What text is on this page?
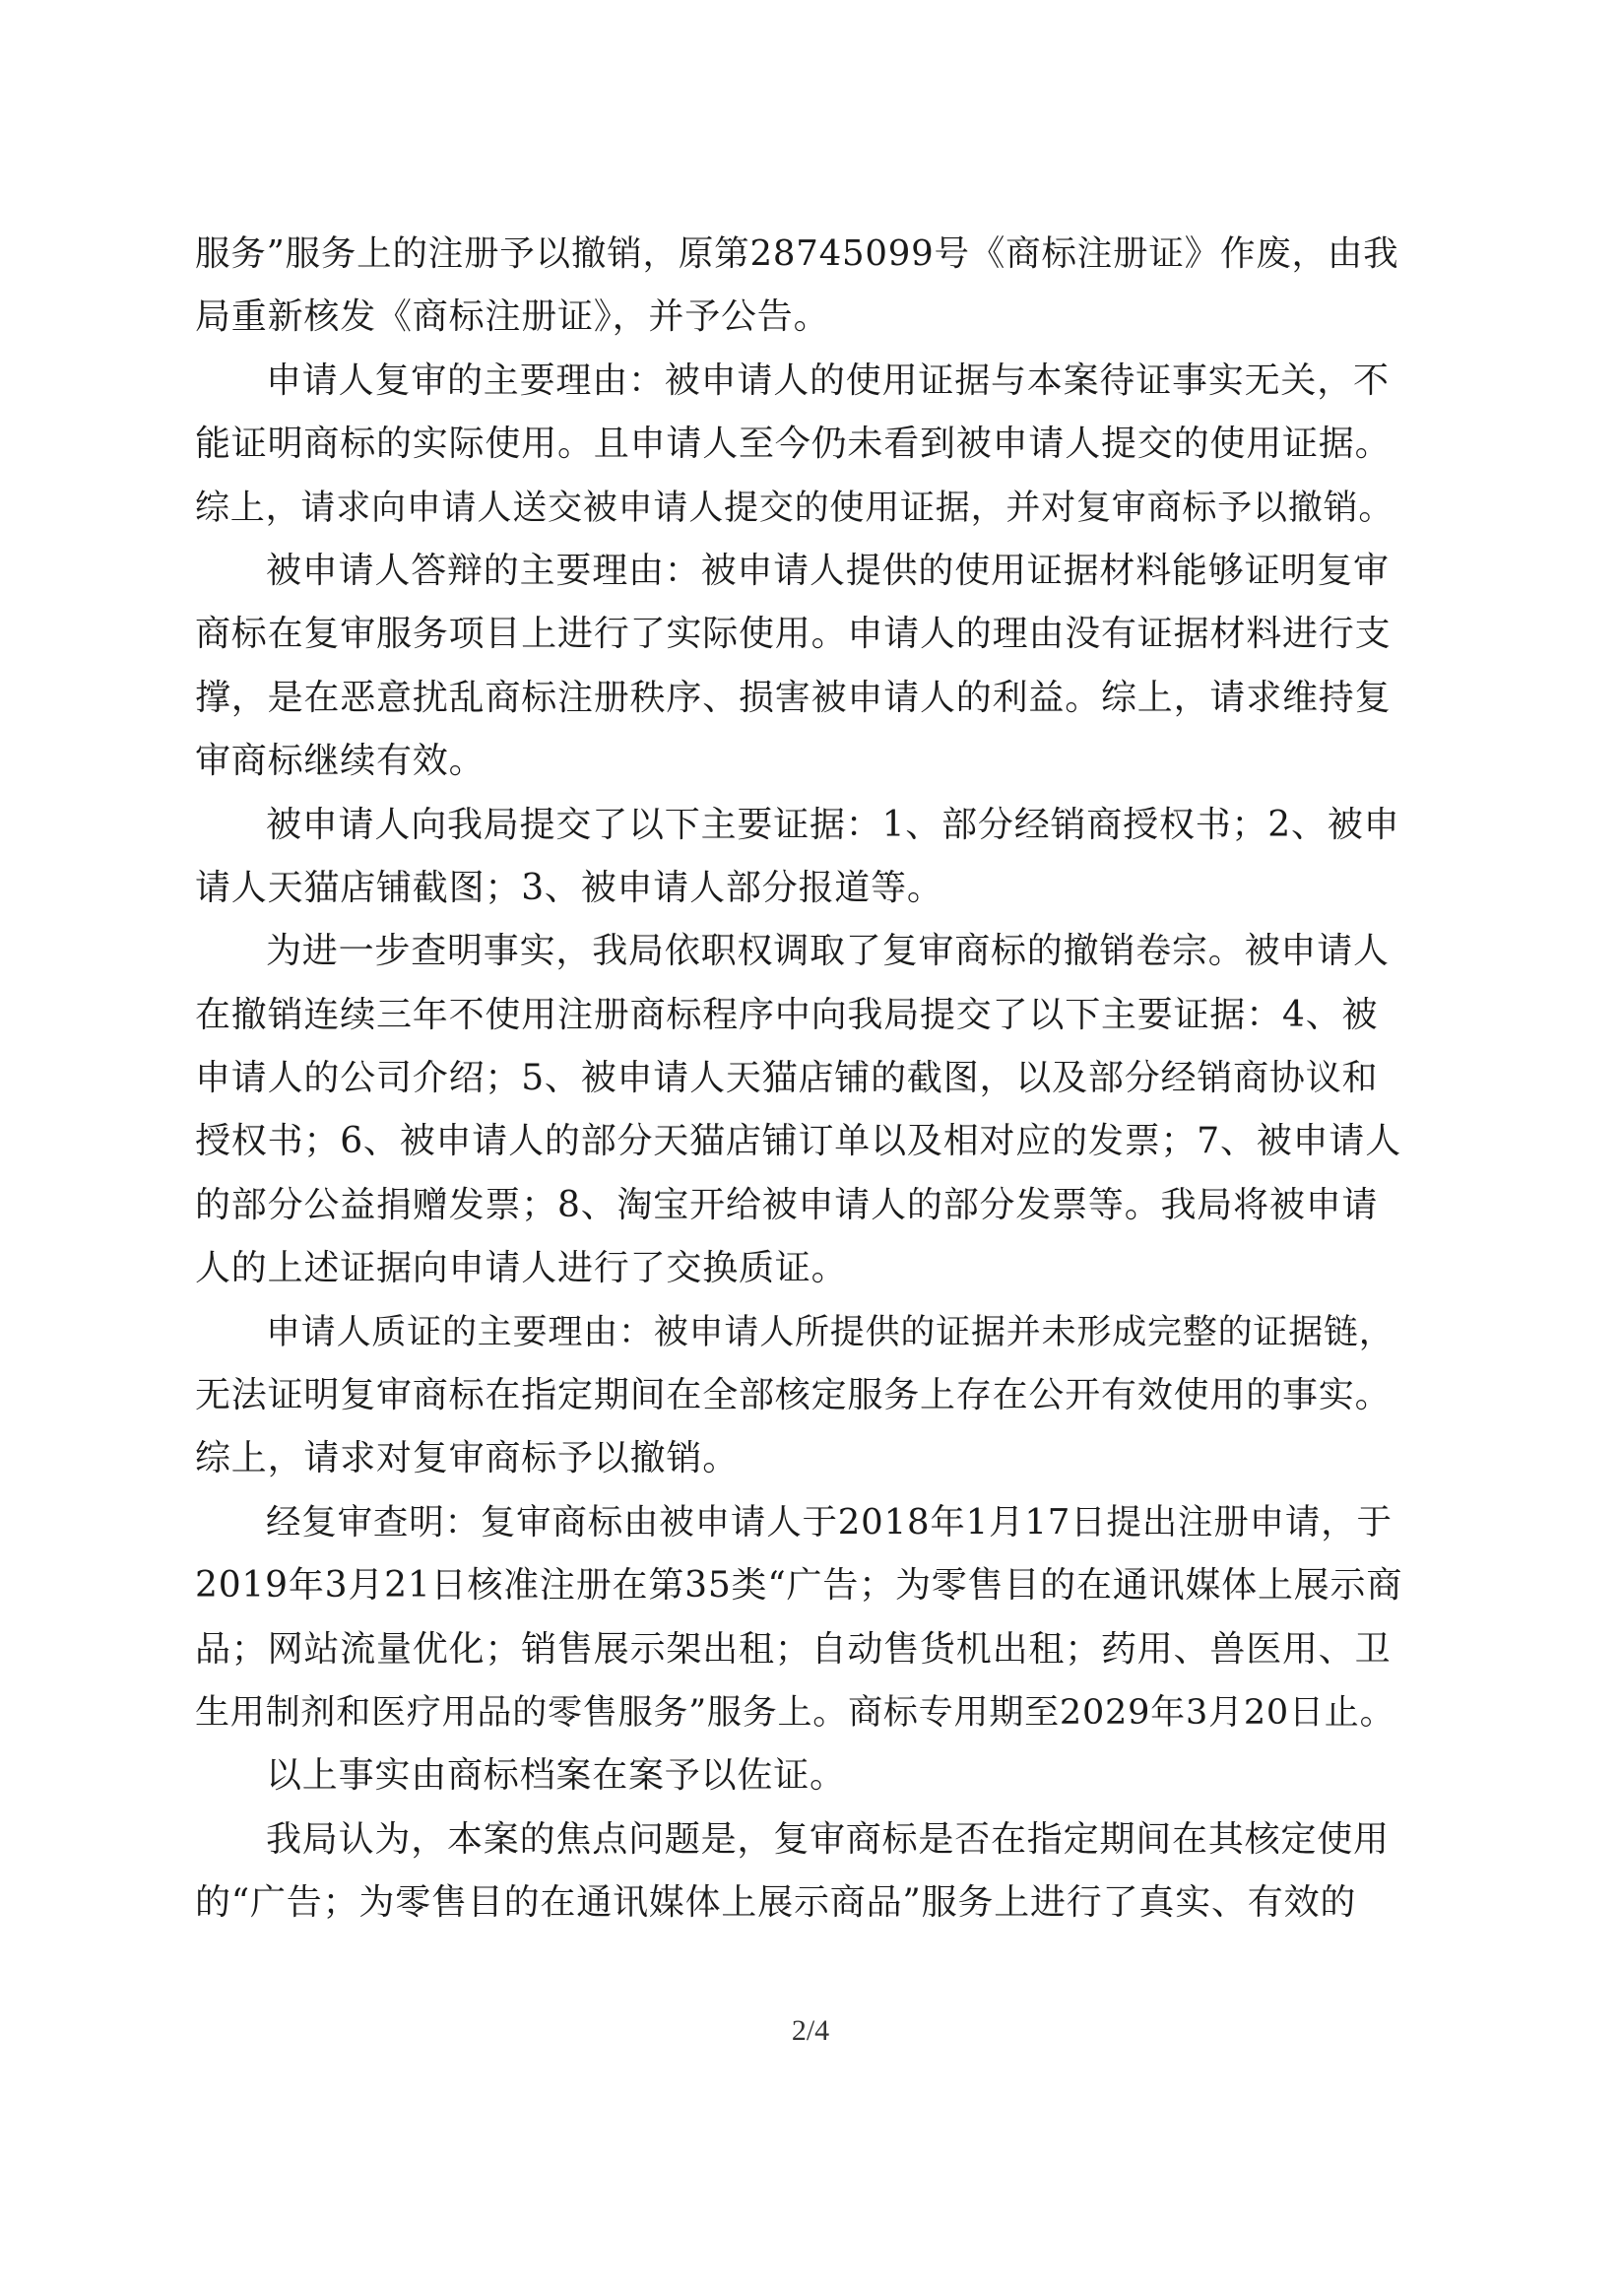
服务”服务上的注册予以撤销，原第28745099号《商标注册证》作废，由我
局重新核发《商标注册证》，并予公告。
申请人复审的主要理由：被申请人的使用证据与本案待证事实无关，不
能证明商标的实际使用。且申请人至今仍未看到被申请人提交的使用证据。
综上，请求向申请人送交被申请人提交的使用证据，并对复审商标予以撤销。
被申请人答辩的主要理由：被申请人提供的使用证据材料能够证明复审
商标在复审服务项目上进行了实际使用。申请人的理由没有证据材料进行支
撑，是在恶意扰乱商标注册秩序、损害被申请人的利益。综上，请求维持复
审商标继续有效。
被申请人向我局提交了以下主要证据：1、部分经销商授权书；2、被申
请人天猫店铺截图；3、被申请人部分报道等。
为进一步查明事实，我局依职权调取了复审商标的撤销卷宗。被申请人
在撤销连续三年不使用注册商标程序中向我局提交了以下主要证据：4、被
申请人的公司介绍；5、被申请人天猫店铺的截图，以及部分经销商协议和
授权书；6、被申请人的部分天猫店铺订单以及相对应的发票；7、被申请人
的部分公益捐赠发票；8、淘宝开给被申请人的部分发票等。我局将被申请
人的上述证据向申请人进行了交换质证。
申请人质证的主要理由：被申请人所提供的证据并未形成完整的证据链，
无法证明复审商标在指定期间在全部核定服务上存在公开有效使用的事实。
综上，请求对复审商标予以撤销。
经复审查明：复审商标由被申请人于2018年1月17日提出注册申请，于
2019年3月21日核准注册在第35类“广告；为零售目的在通讯媒体上展示商
品；网站流量优化；销售展示架出租；自动售货机出租；药用、兽医用、卫
生用制剂和医疗用品的零售服务”服务上。商标专用期至2029年3月20日止。
以上事实由商标档案在案予以佐证。
我局认为，本案的焦点问题是，复审商标是否在指定期间在其核定使用
的“广告；为零售目的在通讯媒体上展示商品”服务上进行了真实、有效的
2/4
